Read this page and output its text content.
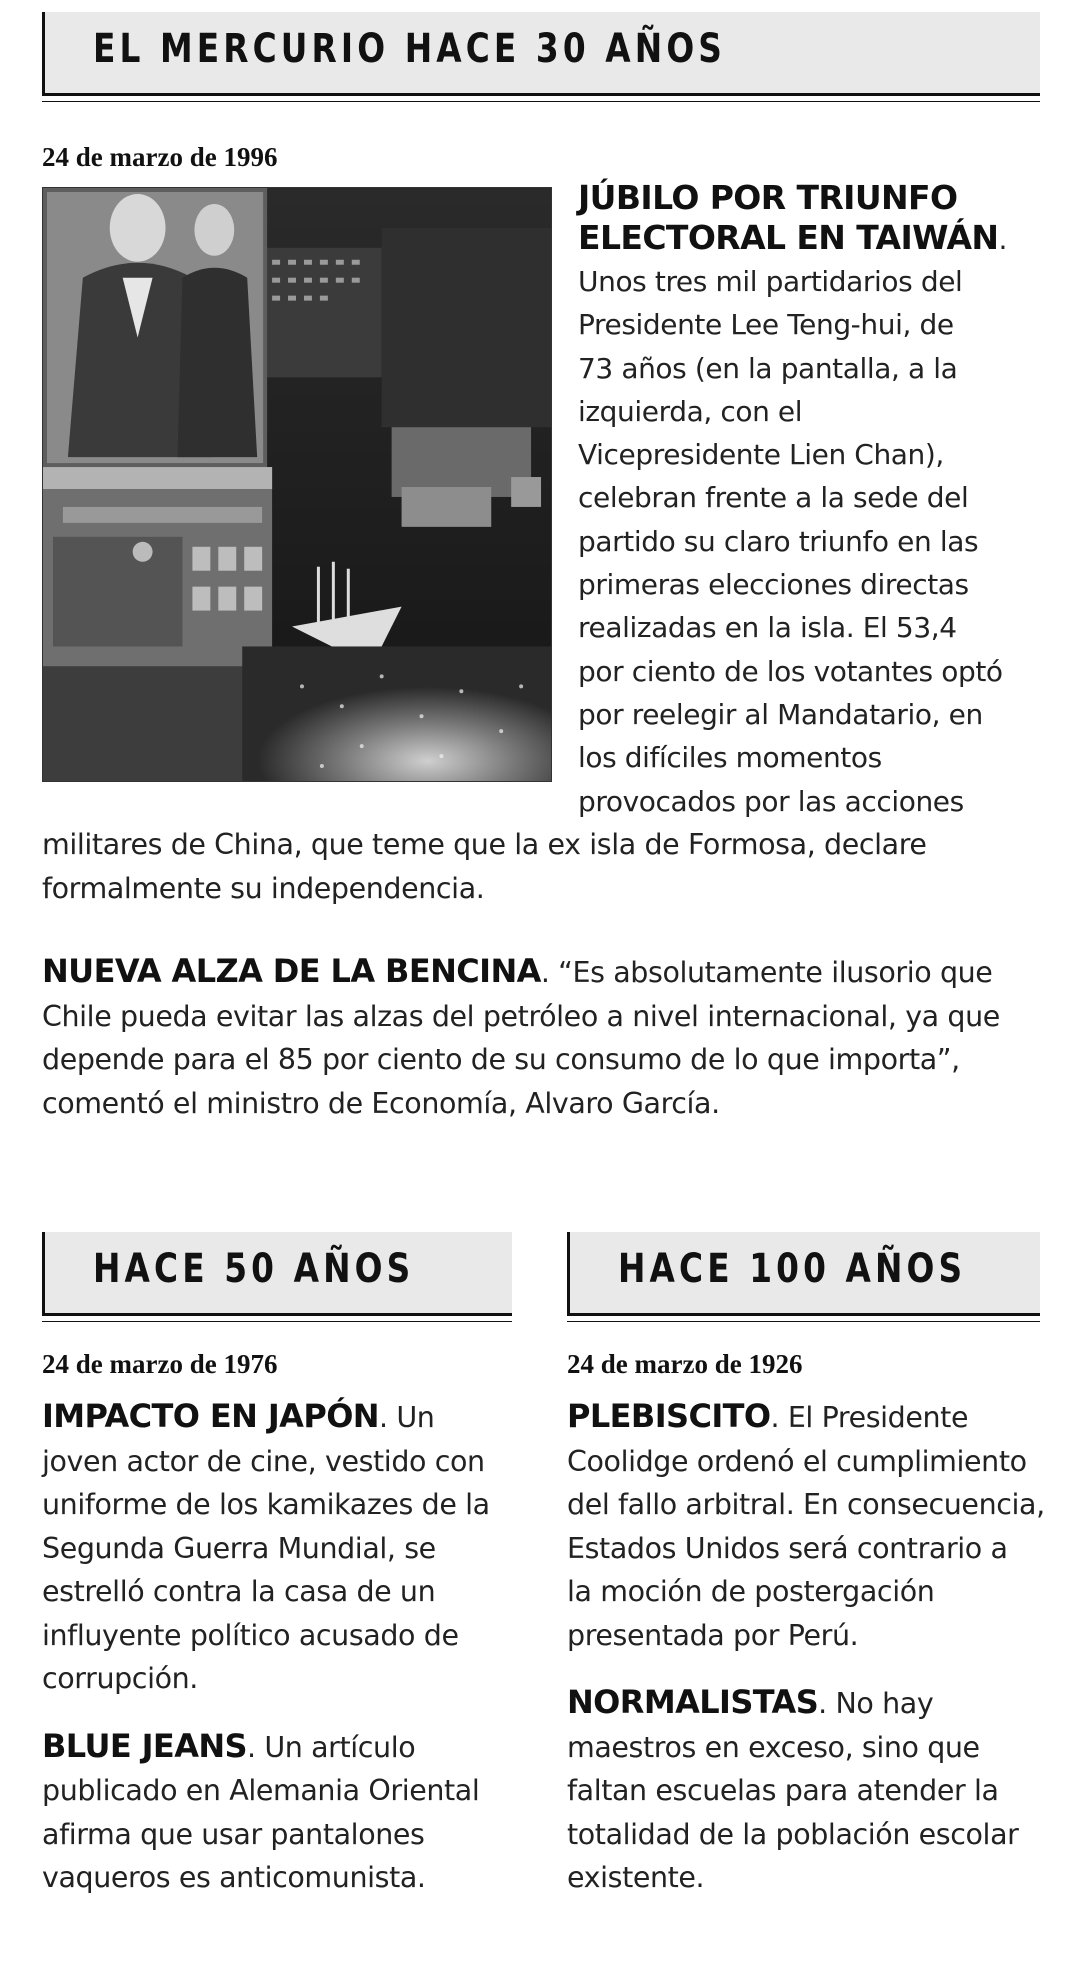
EL MERCURIO HACE 30 AÑOS
24 de marzo de 1996
JÚBILO POR TRIUNFO
ELECTORAL EN TAIWÁN.
Unos tres mil partidarios del
Presidente Lee Teng-hui, de
73 años (en la pantalla, a la
izquierda, con el
Vicepresidente Lien Chan),
celebran frente a la sede del
partido su claro triunfo en las
primeras elecciones directas
realizadas en la isla. El 53,4
por ciento de los votantes optó
por reelegir al Mandatario, en
los difíciles momentos
provocados por las acciones
militares de China, que teme que la ex isla de Formosa, declare
formalmente su independencia.
NUEVA ALZA DE LA BENCINA. “Es absolutamente ilusorio que
Chile pueda evitar las alzas del petróleo a nivel internacional, ya que
depende para el 85 por ciento de su consumo de lo que importa”,
comentó el ministro de Economía, Alvaro García.
HACE 50 AÑOS
24 de marzo de 1976
IMPACTO EN JAPÓN. Un
joven actor de cine, vestido con
uniforme de los kamikazes de la
Segunda Guerra Mundial, se
estrelló contra la casa de un
influyente político acusado de
corrupción.
BLUE JEANS. Un artículo
publicado en Alemania Oriental
afirma que usar pantalones
vaqueros es anticomunista.
HACE 100 AÑOS
24 de marzo de 1926
PLEBISCITO. El Presidente
Coolidge ordenó el cumplimiento
del fallo arbitral. En consecuencia,
Estados Unidos será contrario a
la moción de postergación
presentada por Perú.
NORMALISTAS. No hay
maestros en exceso, sino que
faltan escuelas para atender la
totalidad de la población escolar
existente.
